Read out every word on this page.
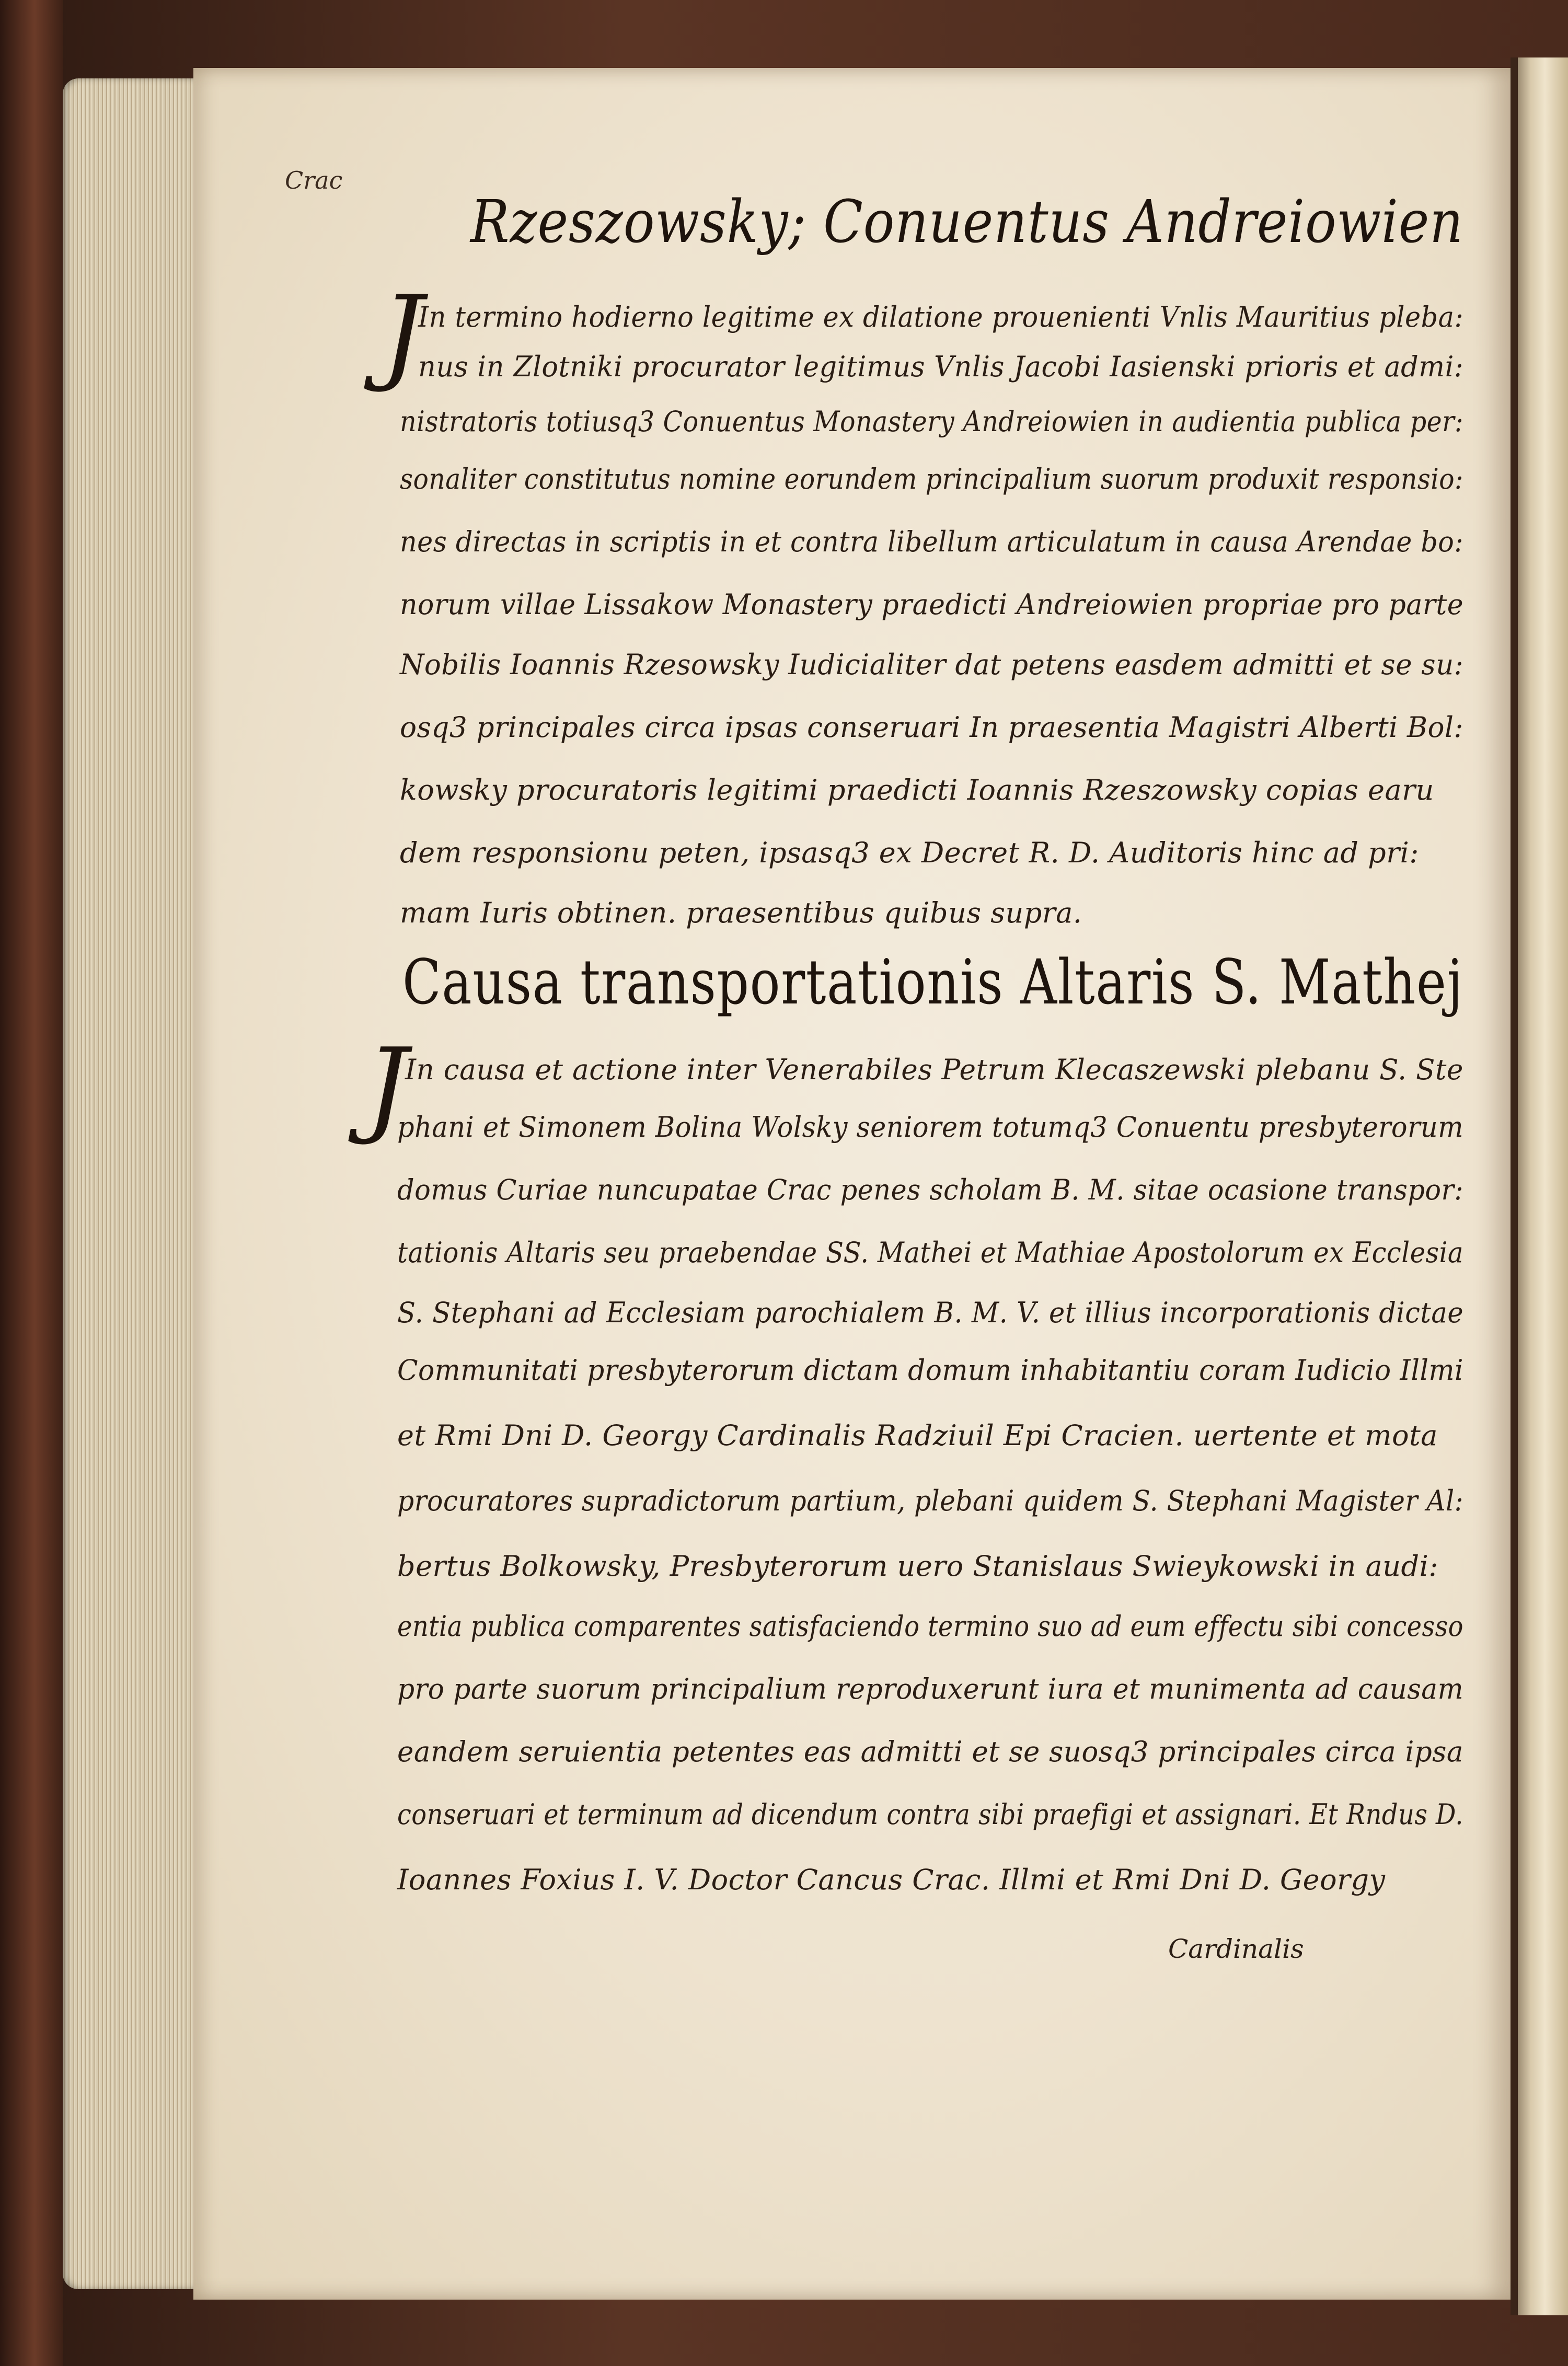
Crac
Rzeszowsky; Conuentus Andreiowien
J
In termino hodierno legitime ex dilatione prouenienti Vnlis Mauritius pleba:
nus in Zlotniki procurator legitimus Vnlis Jacobi Iasienski prioris et admi:
nistratoris totiusq3 Conuentus Monastery Andreiowien in audientia publica per:
sonaliter constitutus nomine eorundem principalium suorum produxit responsio:
nes directas in scriptis in et contra libellum articulatum in causa Arendae bo:
norum villae Lissakow Monastery praedicti Andreiowien propriae pro parte
Nobilis Ioannis Rzesowsky Iudicialiter dat petens easdem admitti et se su:
osq3 principales circa ipsas conseruari In praesentia Magistri Alberti Bol:
kowsky procuratoris legitimi praedicti Ioannis Rzeszowsky copias earu
dem responsionu peten, ipsasq3 ex Decret R. D. Auditoris hinc ad pri:
mam Iuris obtinen. praesentibus quibus supra.
Causa transportationis Altaris S. Mathej
J
In causa et actione inter Venerabiles Petrum Klecaszewski plebanu S. Ste
phani et Simonem Bolina Wolsky seniorem totumq3 Conuentu presbyterorum
domus Curiae nuncupatae Crac penes scholam B. M. sitae ocasione transpor:
tationis Altaris seu praebendae SS. Mathei et Mathiae Apostolorum ex Ecclesia
S. Stephani ad Ecclesiam parochialem B. M. V. et illius incorporationis dictae
Communitati presbyterorum dictam domum inhabitantiu coram Iudicio Illmi
et Rmi Dni D. Georgy Cardinalis Radziuil Epi Cracien. uertente et mota
procuratores supradictorum partium, plebani quidem S. Stephani Magister Al:
bertus Bolkowsky, Presbyterorum uero Stanislaus Swieykowski in audi:
entia publica comparentes satisfaciendo termino suo ad eum effectu sibi concesso
pro parte suorum principalium reproduxerunt iura et munimenta ad causam
eandem seruientia petentes eas admitti et se suosq3 principales circa ipsa
conseruari et terminum ad dicendum contra sibi praefigi et assignari. Et Rndus D.
Ioannes Foxius I. V. Doctor Cancus Crac. Illmi et Rmi Dni D. Georgy
Cardinalis
